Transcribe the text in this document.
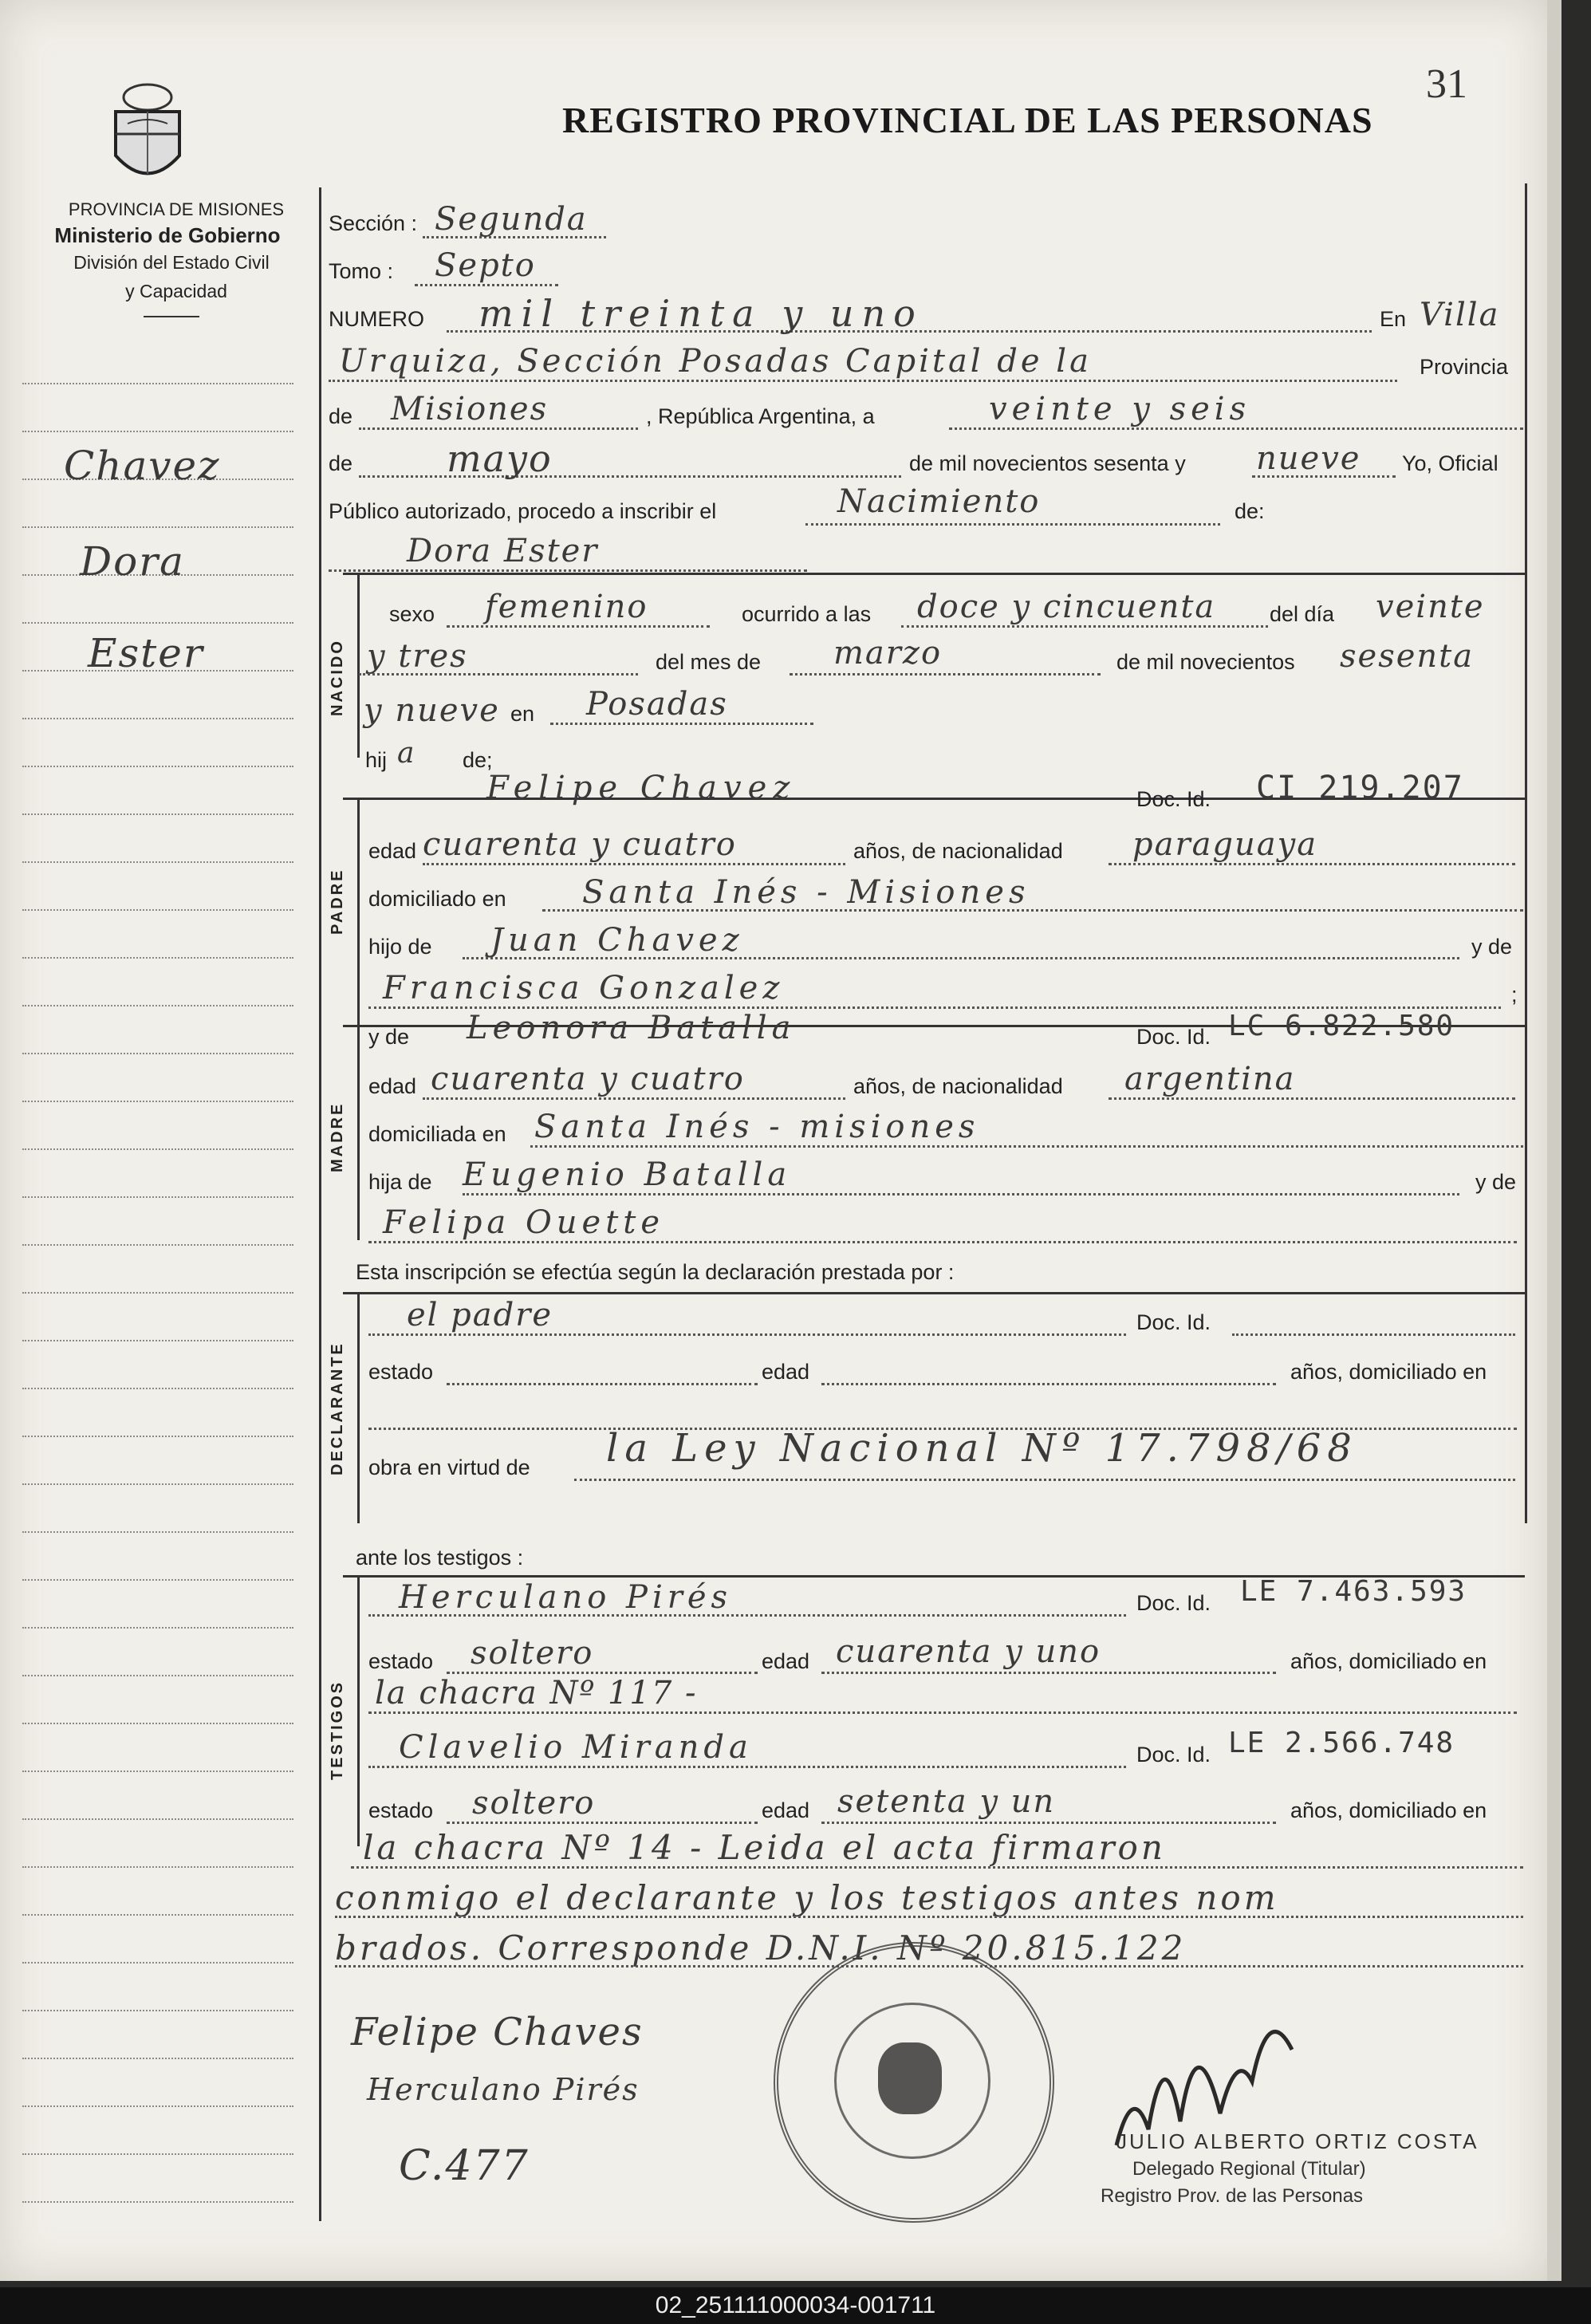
31
REGISTRO PROVINCIAL DE LAS PERSONAS
PROVINCIA DE MISIONES
Ministerio de Gobierno
División del Estado Civil
y Capacidad
Chavez
Dora
Ester
Sección : Segunda
Tomo : Septo
NUMERO mil treinta y uno	En Villa
Urquiza, Sección Posadas Capital de la	Provincia
de Misiones	, República Argentina, a	veinte y seis
de	mayo	de mil novecientos sesenta y nueve Yo, Oficial
Público autorizado, procedo a inscribir el	Nacimiento	de:
Dora Ester
NACIDO
sexo femenino	ocurrido a las doce y cincuenta	del día veinte
y tres	del mes de marzo	de mil novecientos sesenta
y nueve en Posadas
hij a de;
PADRE
Felipe Chavez	Doc. Id. CI 219.207
edad cuarenta y cuatro	años, de nacionalidad paraguaya
domiciliado en Santa Inés - Misiones
hijo de Juan Chavez	y de
Francisca Gonzalez	;
MADRE
y de Leonora Batalla	Doc. Id. LC 6.822.580
edad cuarenta y cuatro	años, de nacionalidad argentina
domiciliada en Santa Inés - misiones
hija de Eugenio Batalla	y de
Felipa Ouette
Esta inscripción se efectúa según la declaración prestada por :
DECLARANTE
el padre	Doc. Id.
estado	edad	años, domiciliado en
obra en virtud de la Ley Nacional Nº 17.798/68
ante los testigos :
TESTIGOS
Herculano Pirés	Doc. Id. LE 7.463.593
estado soltero	edad cuarenta y uno	años, domiciliado en
la chacra Nº 117 -
Clavelio Miranda	Doc. Id. LE 2.566.748
estado soltero	edad setenta y un	años, domiciliado en
la chacra Nº 14 - Leida el acta firmaron
conmigo el declarante y los testigos antes nom
brados. Corresponde D.N.I. Nº 20.815.122
Felipe Chaves
Herculano Pirés
C.477
JULIO ALBERTO ORTIZ COSTA
Delegado Regional (Titular)
Registro Prov. de las Personas
02_251111000034-001711
